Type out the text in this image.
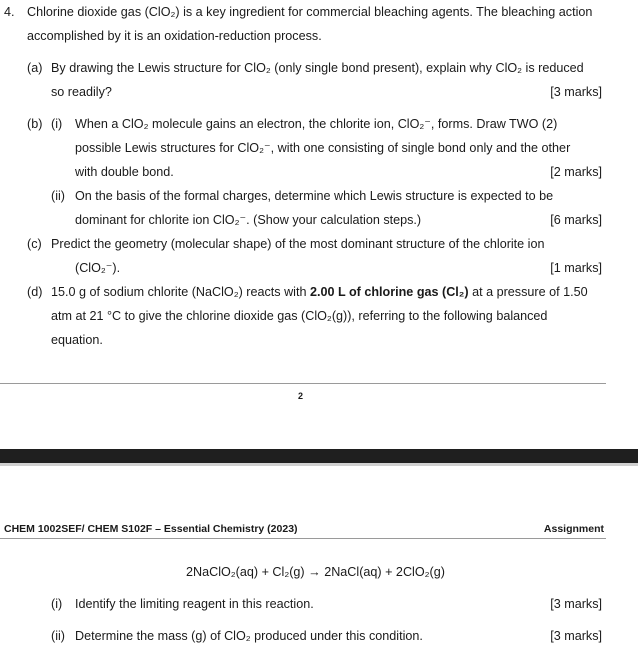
4. Chlorine dioxide gas (ClO₂) is a key ingredient for commercial bleaching agents. The bleaching action
accomplished by it is an oxidation-reduction process.
(a) By drawing the Lewis structure for ClO₂ (only single bond present), explain why ClO₂ is reduced
so readily?	[3 marks]
(b) (i) When a ClO₂ molecule gains an electron, the chlorite ion, ClO₂⁻, forms. Draw TWO (2)
possible Lewis structures for ClO₂⁻, with one consisting of single bond only and the other
with double bond.	[2 marks]
(ii) On the basis of the formal charges, determine which Lewis structure is expected to be
dominant for chlorite ion ClO₂⁻. (Show your calculation steps.)	[6 marks]
(c) Predict the geometry (molecular shape) of the most dominant structure of the chlorite ion
(ClO₂⁻).	[1 marks]
(d) 15.0 g of sodium chlorite (NaClO₂) reacts with 2.00 L of chlorine gas (Cl₂) at a pressure of 1.50
atm at 21 °C to give the chlorine dioxide gas (ClO₂(g)), referring to the following balanced
equation.
2
CHEM 1002SEF/ CHEM S102F – Essential Chemistry (2023)	Assignment
2NaClO₂(aq) + Cl₂(g) → 2NaCl(aq) + 2ClO₂(g)
(i) Identify the limiting reagent in this reaction.	[3 marks]
(ii) Determine the mass (g) of ClO₂ produced under this condition.	[3 marks]
